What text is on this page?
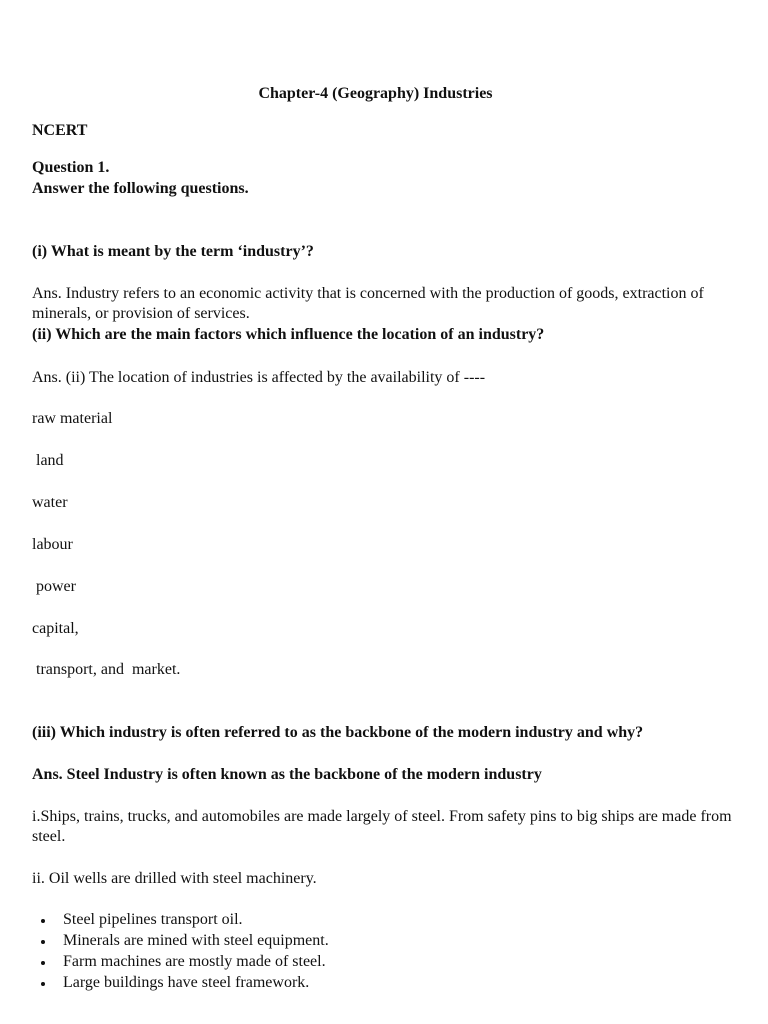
Chapter-4 (Geography) Industries
NCERT
Question 1.
Answer the following questions.
(i) What is meant by the term ‘industry’?
Ans. Industry refers to an economic activity that is concerned with the production of goods, extraction of minerals, or provision of services.
(ii) Which are the main factors which influence the location of an industry?
Ans. (ii) The location of industries is affected by the availability of ----
raw material
land
water
labour
power
capital,
transport, and  market.
(iii) Which industry is often referred to as the backbone of the modern industry and why?
Ans. Steel Industry is often known as the backbone of the modern industry
i.Ships, trains, trucks, and automobiles are made largely of steel. From safety pins to big ships are made from steel.
ii. Oil wells are drilled with steel machinery.
Steel pipelines transport oil.
Minerals are mined with steel equipment.
Farm machines are mostly made of steel.
Large buildings have steel framework.
